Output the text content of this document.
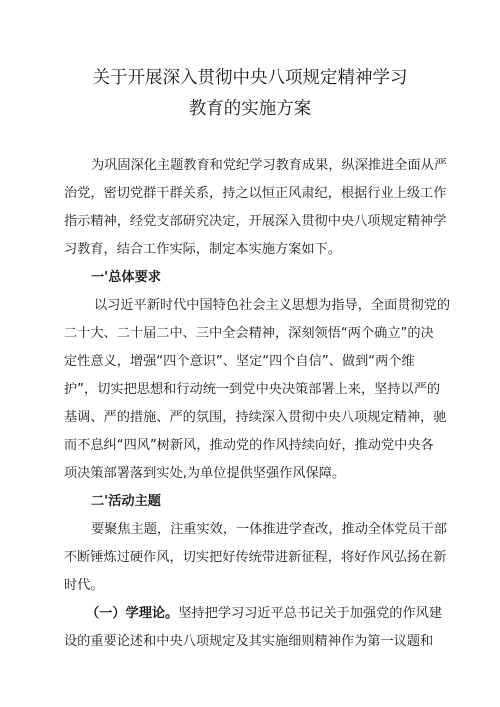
关于开展深入贯彻中央八项规定精神学习
教育的实施方案
为巩固深化主题教育和党纪学习教育成果，纵深推进全面从严
治党，密切党群干群关系，持之以恒正风肃纪，根据行业上级工作
指示精神，经党支部研究决定，开展深入贯彻中央八项规定精神学
习教育，结合工作实际，制定本实施方案如下。
一'总体要求
以习近平新时代中国特色社会主义思想为指导，全面贯彻党的
二十大、二十届二中、三中全会精神，深刻领悟“两个确立”的决
定性意义，增强“四个意识”、坚定“四个自信”、做到“两个维
护”，切实把思想和行动统一到党中央决策部署上来，坚持以严的
基调、严的措施、严的氛围，持续深入贯彻中央八项规定精神，驰
而不息纠“四风”树新风，推动党的作风持续向好，推动党中央各
项决策部署落到实处,为单位提供坚强作风保障。
二'活动主题
要聚焦主题，注重实效，一体推进学查改，推动全体党员干部
不断锤炼过硬作风，切实把好传统带进新征程，将好作风弘扬在新
时代。
（一）学理论。坚持把学习习近平总书记关于加强党的作风建
设的重要论述和中央八项规定及其实施细则精神作为第一议题和
